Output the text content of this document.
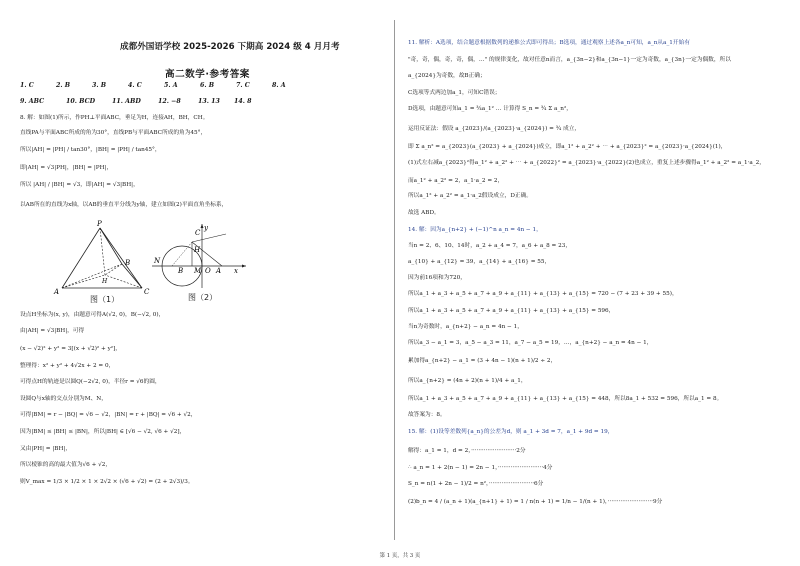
成都外国语学校 2025-2026 下期高 2024 级 4 月月考
高二数学·参考答案
1. C	2. B	3. B	4. C	5. A	6. B	7. C	8. A
9. ABC	10. BCD	11. ABD	12. −8	13. 13 14. 8
8. 解：如图(1)所示，作PH⊥平面ABC，垂足为H，连接AH，BH，CH。
直线PA与平面ABC所成的角为30°，直线PB与平面ABC所成的角为45°，
所以|AH| = |PH| / tan30°，|BH| = |PH| / tan45°，
即|AH| = √3|PH|，|BH| = |PH|，
所以 |AH| / |BH| = √3，即|AH| = √3|BH|，
以AB所在的直线为x轴，以AB的垂直平分线为y轴，建立如图(2)平面直角坐标系，
P
A
B
C
H
图（1）
y
C
H
N
B M O A x
图（2）
设点H坐标为(x, y)，由题意可得A(√2, 0)，B(−√2, 0)，
由|AH| = √3|BH|，可得
(x − √2)² + y² = 3[(x + √2)² + y²]，
整理得：x² + y² + 4√2x + 2 = 0，
可得点H的轨迹是以圆Q(−2√2, 0)，半径r = √6的圆，
设圆Q与x轴的交点分别为M、N，
可得|BM| = r − |BQ| = √6 − √2，|BN| = r + |BQ| = √6 + √2，
因为|BM| ≤ |BH| ≤ |BN|，所以|BH| ∈ [√6 − √2, √6 + √2]，
又由|PH| = |BH|，
所以棱锥的高的最大值为√6 + √2，
则V_max = 1/3 × 1/2 × 1 × 2√2 × (√6 + √2) = (2 + 2√3)/3。
11. 解析：A选项，结合题意根据数列的递推公式即可得出；B选项，通过观察上述各a_n可知，a_n从a_1开始有
"奇，奇，偶，奇，奇，偶，…" 的规律变化，故对任意n而言，a_{3n−2}和a_{3n−1}一定为奇数，a_{3n}一定为偶数，所以
a_{2024}为奇数，故B正确；
C选项等式两边加a_1，可知C错误；
D选项，由题意可知a_1 = ¾a_1² … 计算得 S_n = ¾ Σ a_n²，
运用反证法：假设 a_{2023}/(a_{2023}·a_{2024}) = ¾ 成立，
即 Σ a_n² = a_{2023}(a_{2023} + a_{2024})成立，即a_1² + a_2² + ⋯ + a_{2023}² = a_{2023}·a_{2024}(1)，
(1)式左右减a_{2023}²得a_1² + a_2² + ⋯ + a_{2022}² = a_{2023}·a_{2022}(2)也成立，重复上述步骤得a_1² + a_2² = a_1·a_2，
而a_1² + a_2² = 2，a_1·a_2 = 2，
所以a_1² + a_2² = a_1·a_2假设成立，D正确。
故选 ABD。
14. 解：因为a_{n+2} + (−1)^n a_n = 4n − 1，
当n = 2、6、10、14时，a_2 + a_4 = 7，a_6 + a_8 = 23，
a_{10} + a_{12} = 39，a_{14} + a_{16} = 55，
因为前16项和为720，
所以a_1 + a_3 + a_5 + a_7 + a_9 + a_{11} + a_{13} + a_{15} = 720 − (7 + 23 + 39 + 55)，
所以a_1 + a_3 + a_5 + a_7 + a_9 + a_{11} + a_{13} + a_{15} = 596，
当n为奇数时，a_{n+2} − a_n = 4n − 1，
所以a_3 − a_1 = 3，a_5 − a_3 = 11，a_7 − a_5 = 19，…，a_{n+2} − a_n = 4n − 1，
累加得a_{n+2} − a_1 = (3 + 4n − 1)(n + 1)/2 ÷ 2，
所以a_{n+2} = (4n + 2)(n + 1)/4 + a_1，
所以a_1 + a_3 + a_5 + a_7 + a_9 + a_{11} + a_{13} + a_{15} = 448，所以8a_1 + 532 = 596，所以a_1 = 8。
故答案为：8。
15. 解：(1)设等差数列{a_n}的公差为d，则 a_1 + 3d = 7，a_1 + 9d = 19，
解得：a_1 = 1，d = 2，·························2分
∴ a_n = 1 + 2(n − 1) = 2n − 1，·························4分
S_n = n(1 + 2n − 1)/2 = n²，·························6分
(2)b_n = 4 / (a_n + 1)(a_{n+1} + 1) = 1 / n(n + 1) = 1/n − 1/(n + 1)，·························9分
第 1 页，共 3 页
